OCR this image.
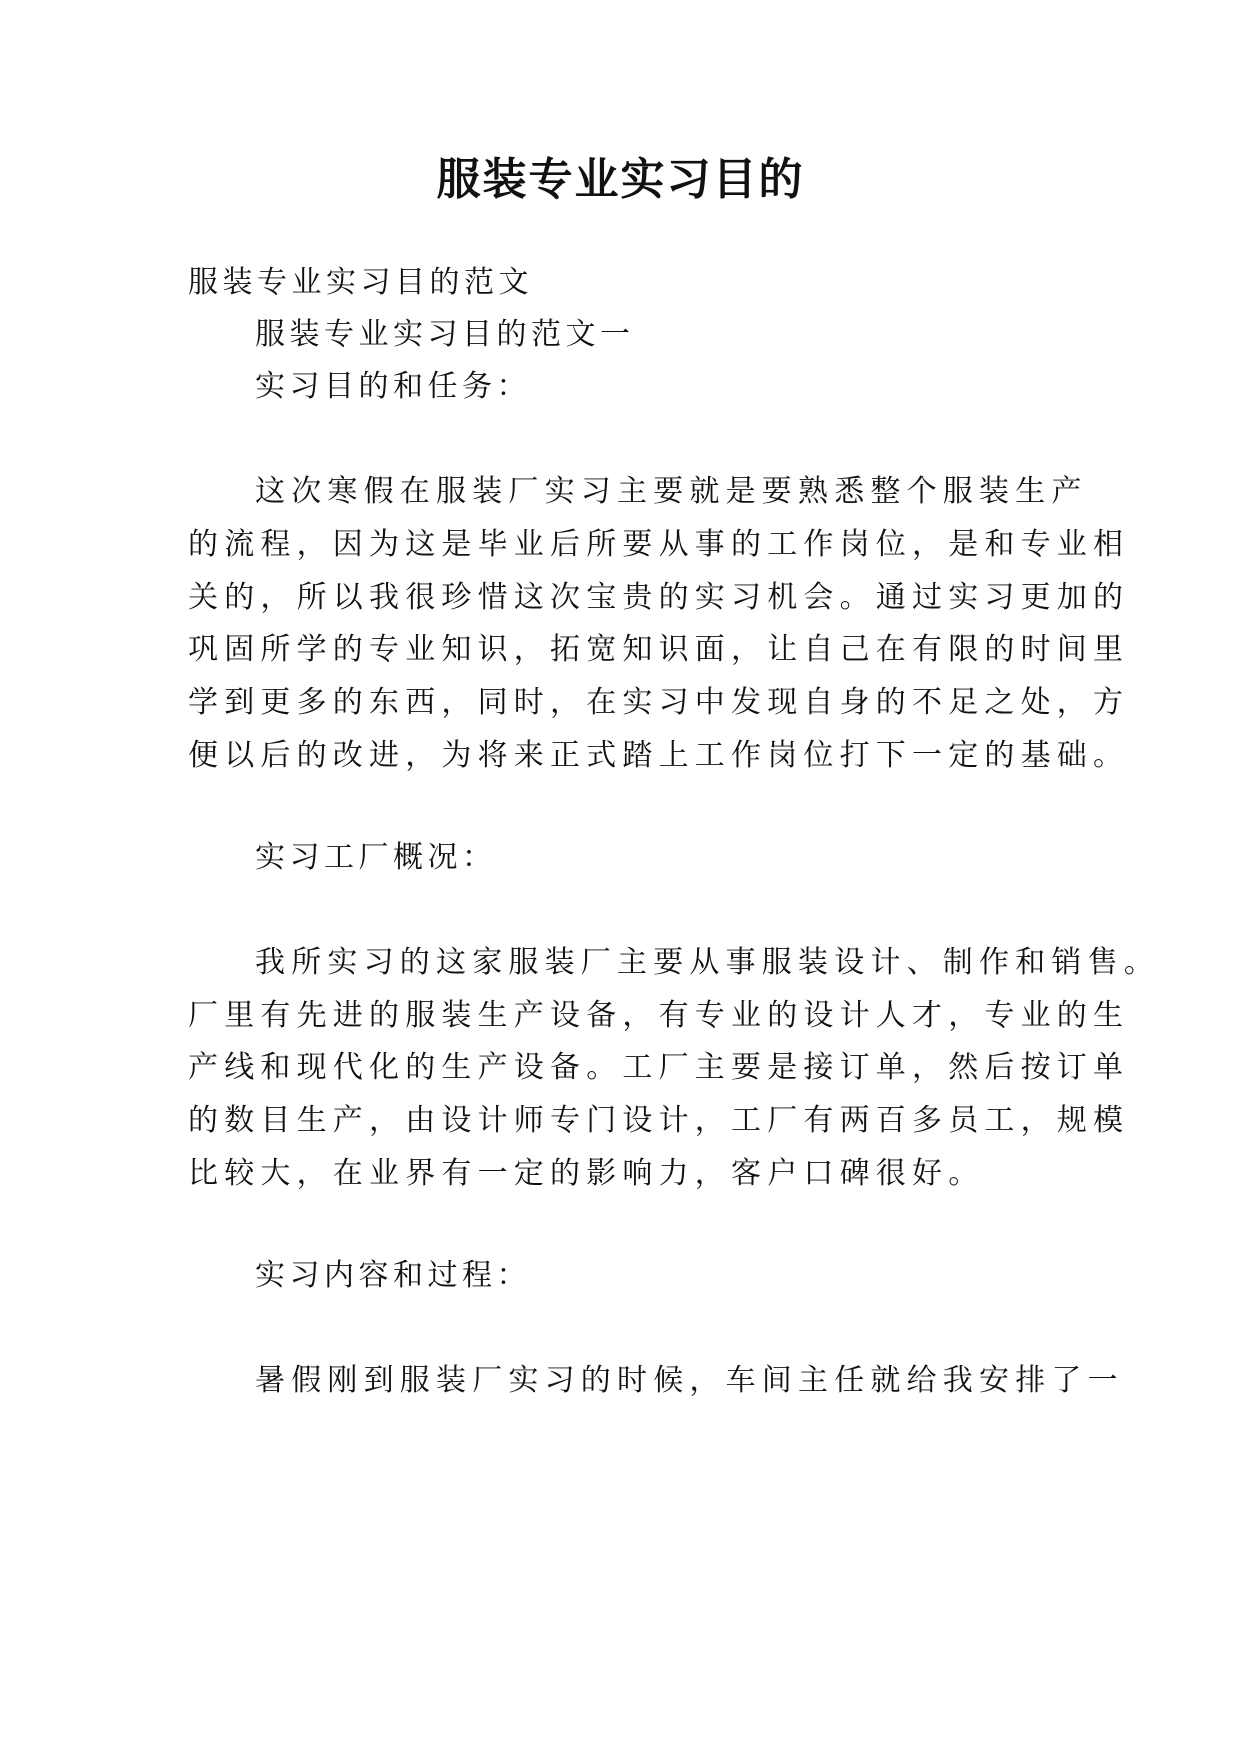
服装专业实习目的
服装专业实习目的范文
服装专业实习目的范文一
实习目的和任务：
这次寒假在服装厂实习主要就是要熟悉整个服装生产
的流程，因为这是毕业后所要从事的工作岗位，是和专业相
关的，所以我很珍惜这次宝贵的实习机会。通过实习更加的
巩固所学的专业知识，拓宽知识面，让自己在有限的时间里
学到更多的东西，同时，在实习中发现自身的不足之处，方
便以后的改进，为将来正式踏上工作岗位打下一定的基础。
实习工厂概况：
我所实习的这家服装厂主要从事服装设计、制作和销售。
厂里有先进的服装生产设备，有专业的设计人才，专业的生
产线和现代化的生产设备。工厂主要是接订单，然后按订单
的数目生产，由设计师专门设计，工厂有两百多员工，规模
比较大，在业界有一定的影响力，客户口碑很好。
实习内容和过程：
暑假刚到服装厂实习的时候，车间主任就给我安排了一
